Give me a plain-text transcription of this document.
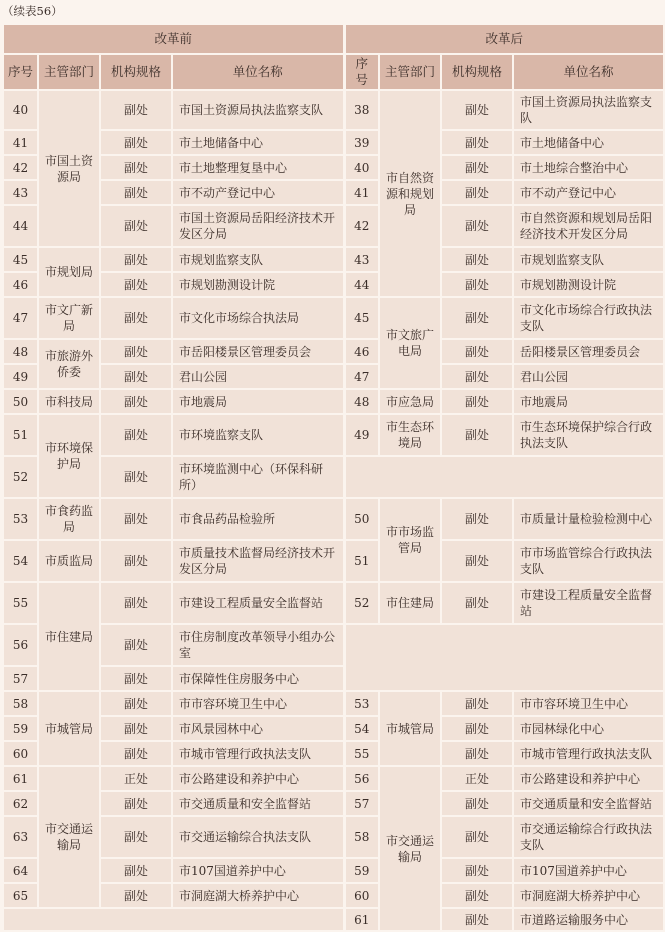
（续表56）
改革前				改革后			
序号	主管部门	机构规格	单位名称	序号	主管部门	机构规格	单位名称
40	市国土资源局	副处	市国土资源局执法监察支队	38	市自然资源和规划局	副处	市国土资源局执法监察支队
41		副处	市土地储备中心	39		副处	市土地储备中心
42		副处	市土地整理复垦中心	40		副处	市土地综合整治中心
43		副处	市不动产登记中心	41		副处	市不动产登记中心
44		副处	市国土资源局岳阳经济技术开发区分局	42		副处	市自然资源和规划局岳阳经济技术开发区分局
45	市规划局	副处	市规划监察支队	43		副处	市规划监察支队
46		副处	市规划勘测设计院	44		副处	市规划勘测设计院
47	市文广新局	副处	市文化市场综合执法局	45	市文旅广电局	副处	市文化市场综合行政执法支队
48	市旅游外侨委	副处	市岳阳楼景区管理委员会	46		副处	岳阳楼景区管理委员会
49		副处	君山公园	47		副处	君山公园
50	市科技局	副处	市地震局	48	市应急局	副处	市地震局
51	市环境保护局	副处	市环境监察支队	49	市生态环境局	副处	市生态环境保护综合行政执法支队
52		副处	市环境监测中心（环保科研所）				
53	市食药监局	副处	市食品药品检验所	50	市市场监管局	副处	市质量计量检验检测中心
54	市质监局	副处	市质量技术监督局经济技术开发区分局	51		副处	市市场监管综合行政执法支队
55	市住建局	副处	市建设工程质量安全监督站	52	市住建局	副处	市建设工程质量安全监督站
56		副处	市住房制度改革领导小组办公室				
57		副处	市保障性住房服务中心				
58	市城管局	副处	市市容环境卫生中心	53	市城管局	副处	市市容环境卫生中心
59		副处	市风景园林中心	54		副处	市园林绿化中心
60		副处	市城市管理行政执法支队	55		副处	市城市管理行政执法支队
61	市交通运输局	正处	市公路建设和养护中心	56	市交通运输局	正处	市公路建设和养护中心
62		副处	市交通质量和安全监督站	57		副处	市交通质量和安全监督站
63		副处	市交通运输综合执法支队	58		副处	市交通运输综合行政执法支队
64		副处	市107国道养护中心	59		副处	市107国道养护中心
65		副处	市洞庭湖大桥养护中心	60		副处	市洞庭湖大桥养护中心
				61		副处	市道路运输服务中心
